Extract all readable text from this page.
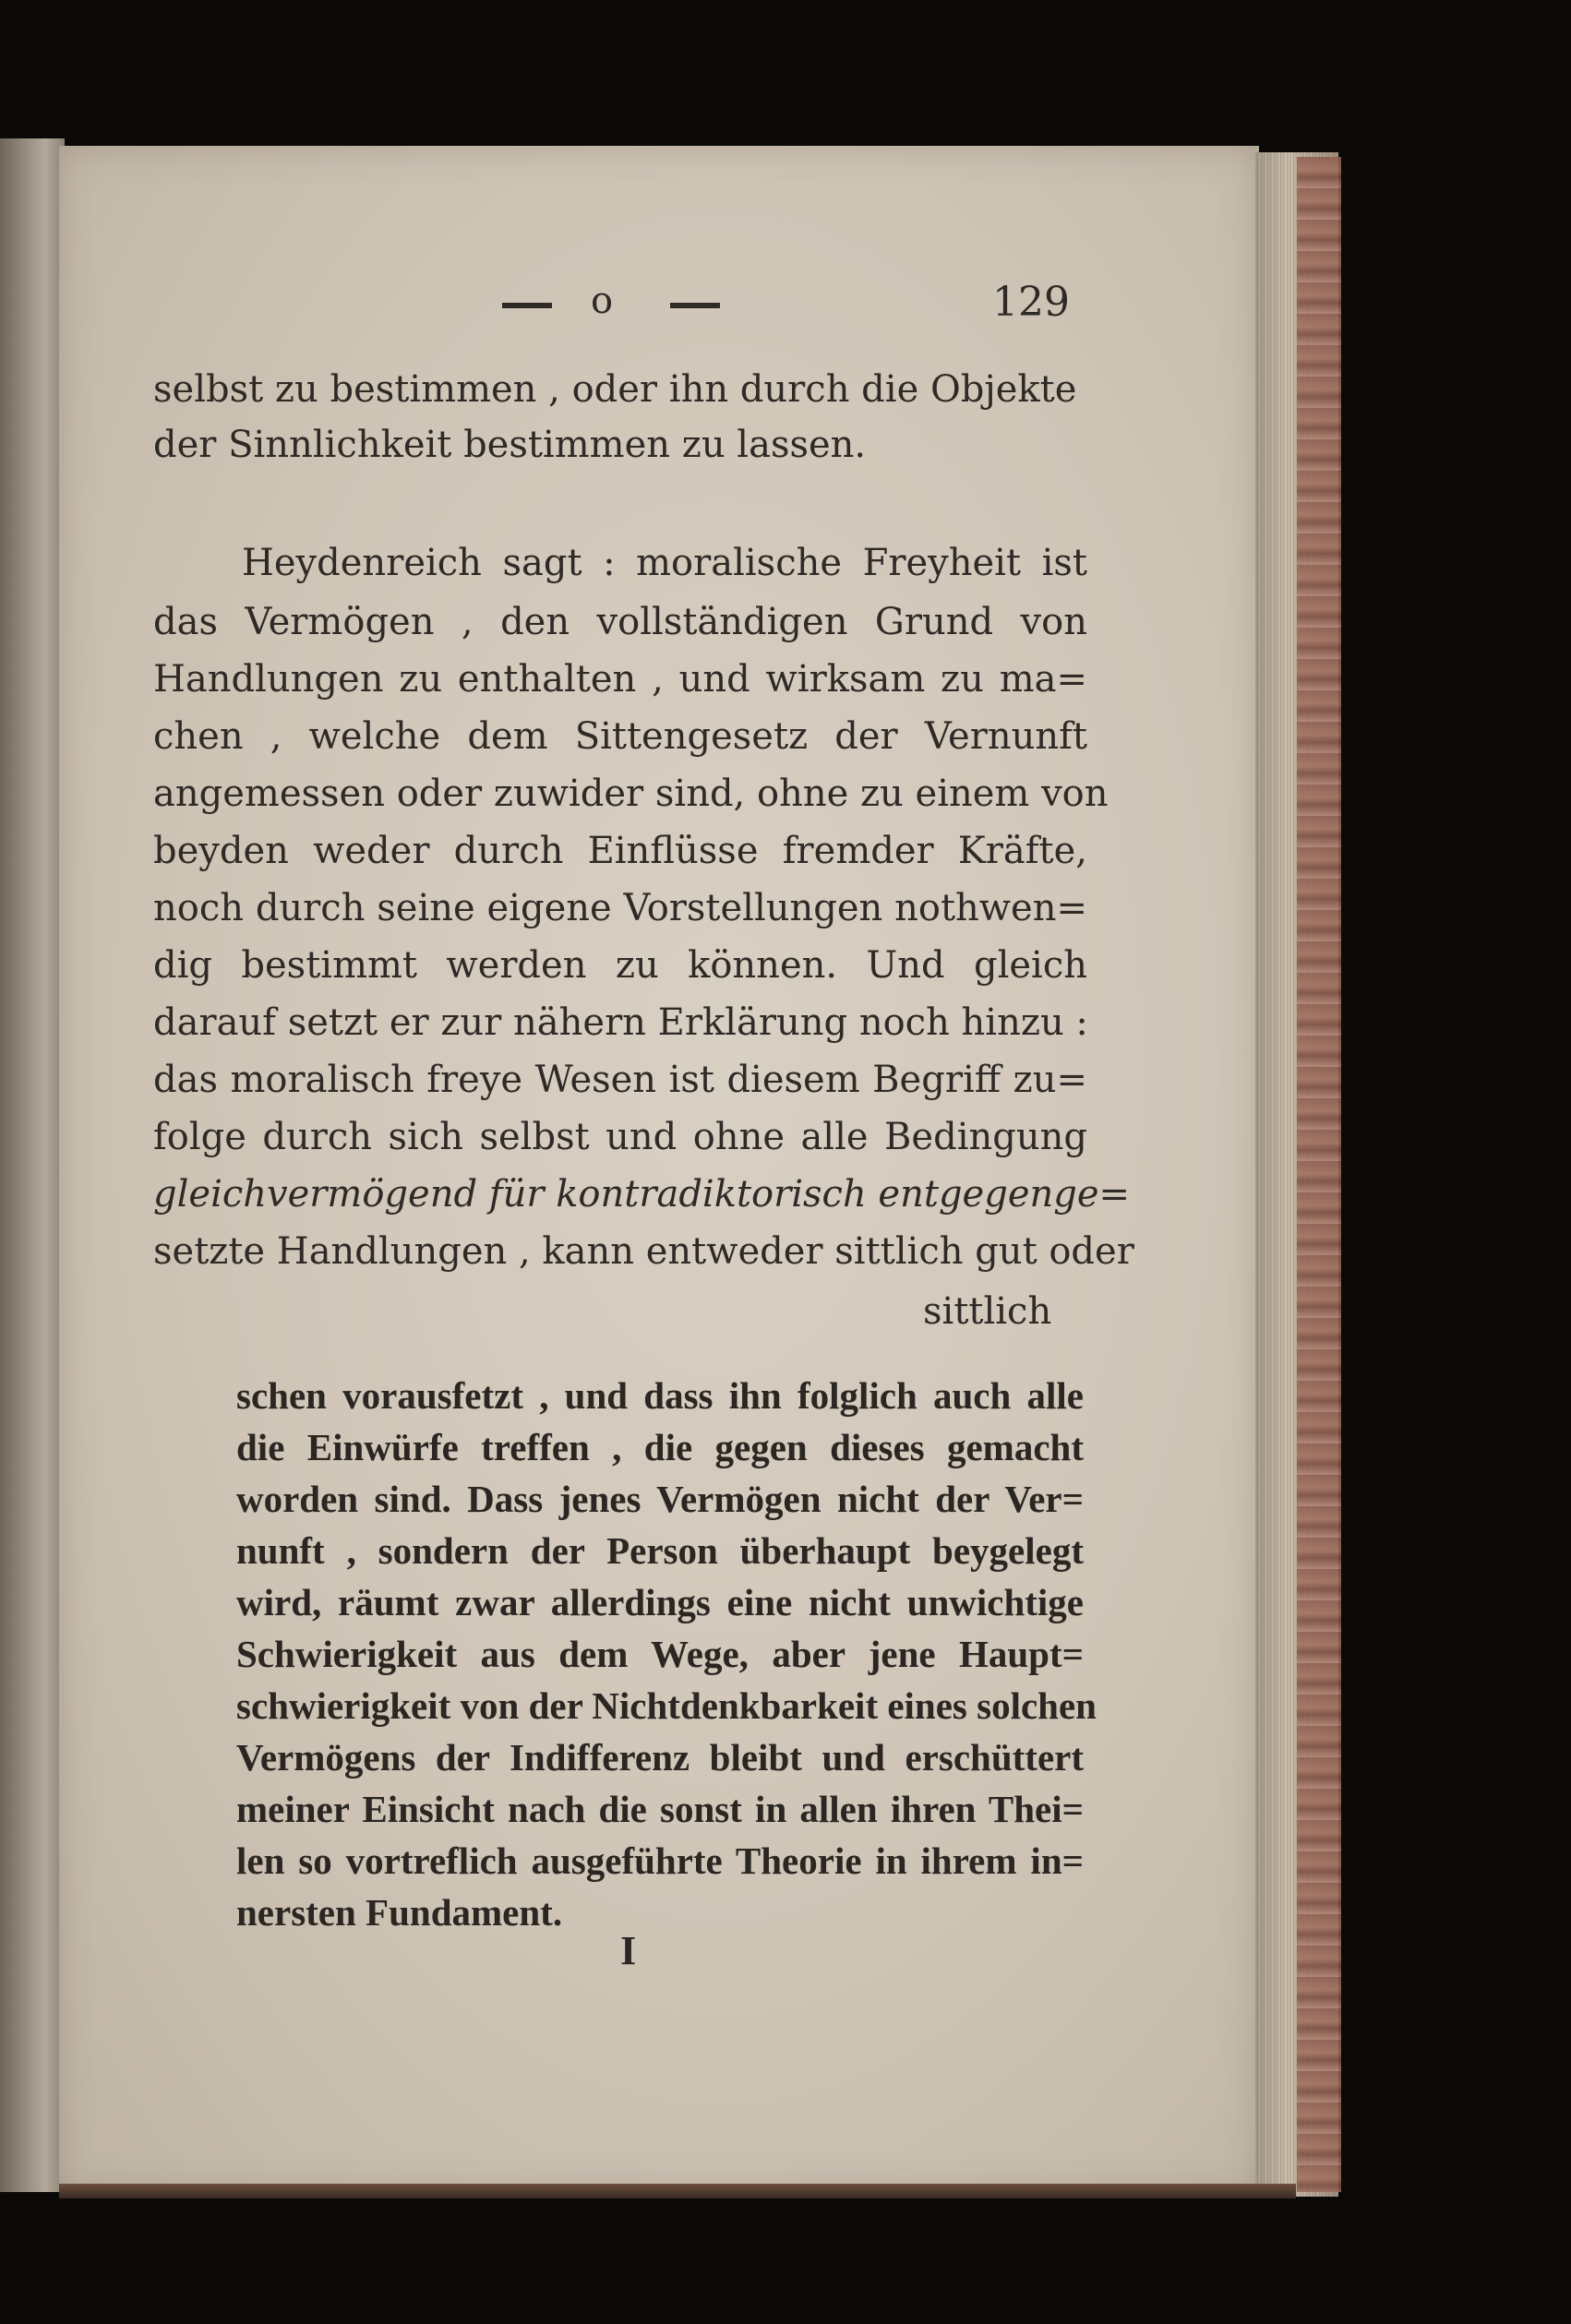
o	129
selbst zu bestimmen , oder ihn durch die Objekte
der Sinnlichkeit bestimmen zu lassen.
Heydenreich sagt : moralische Freyheit ist
das Vermögen , den vollständigen Grund von
Handlungen zu enthalten , und wirksam zu ma=
chen , welche dem Sittengesetz der Vernunft
angemessen oder zuwider sind, ohne zu einem von
beyden weder durch Einflüsse fremder Kräfte,
noch durch seine eigene Vorstellungen nothwen=
dig bestimmt werden zu können. Und gleich
darauf setzt er zur nähern Erklärung noch hinzu :
das moralisch freye Wesen ist diesem Begriff zu=
folge durch sich selbst und ohne alle Bedingung
gleichvermögend für kontradiktorisch entgegenge=
setzte Handlungen , kann entweder sittlich gut oder
sittlich
schen vorausfetzt , und dass ihn folglich auch alle
die Einwürfe treffen , die gegen dieses gemacht
worden sind. Dass jenes Vermögen nicht der Ver=
nunft , sondern der Person überhaupt beygelegt
wird, räumt zwar allerdings eine nicht unwichtige
Schwierigkeit aus dem Wege, aber jene Haupt=
schwierigkeit von der Nichtdenkbarkeit eines solchen
Vermögens der Indifferenz bleibt und erschüttert
meiner Einsicht nach die sonst in allen ihren Thei=
len so vortreflich ausgeführte Theorie in ihrem in=
nersten Fundament.
I
